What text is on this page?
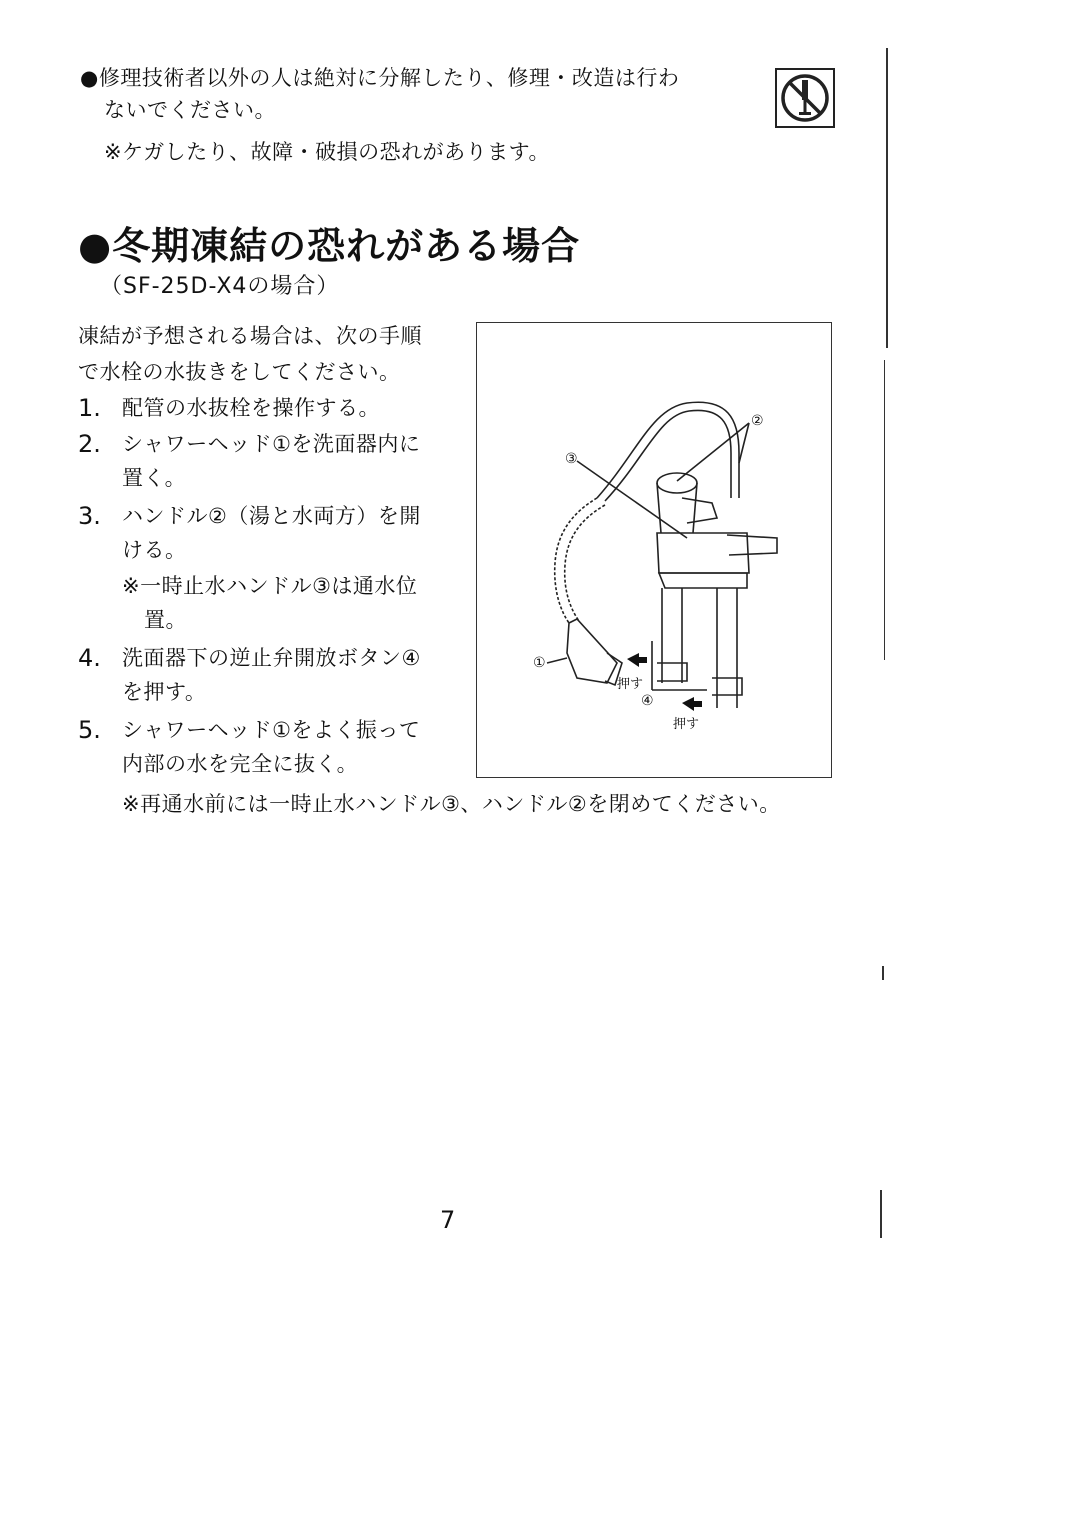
●修理技術者以外の人は絶対に分解したり、修理・改造は行わ
ないでください。
※ケガしたり、故障・破損の恐れがあります。
●冬期凍結の恐れがある場合
（SF-25D-X4の場合）
凍結が予想される場合は、次の手順
で水栓の水抜きをしてください。
1. 配管の水抜栓を操作する。
2. シャワーヘッド①を洗面器内に
置く。
3. ハンドル②（湯と水両方）を開
ける。
※一時止水ハンドル③は通水位
置。
4. 洗面器下の逆止弁開放ボタン④
を押す。
5. シャワーヘッド①をよく振って
内部の水を完全に抜く。
②
③
①
④
押す
押す
※再通水前には一時止水ハンドル③、ハンドル②を閉めてください。
7
